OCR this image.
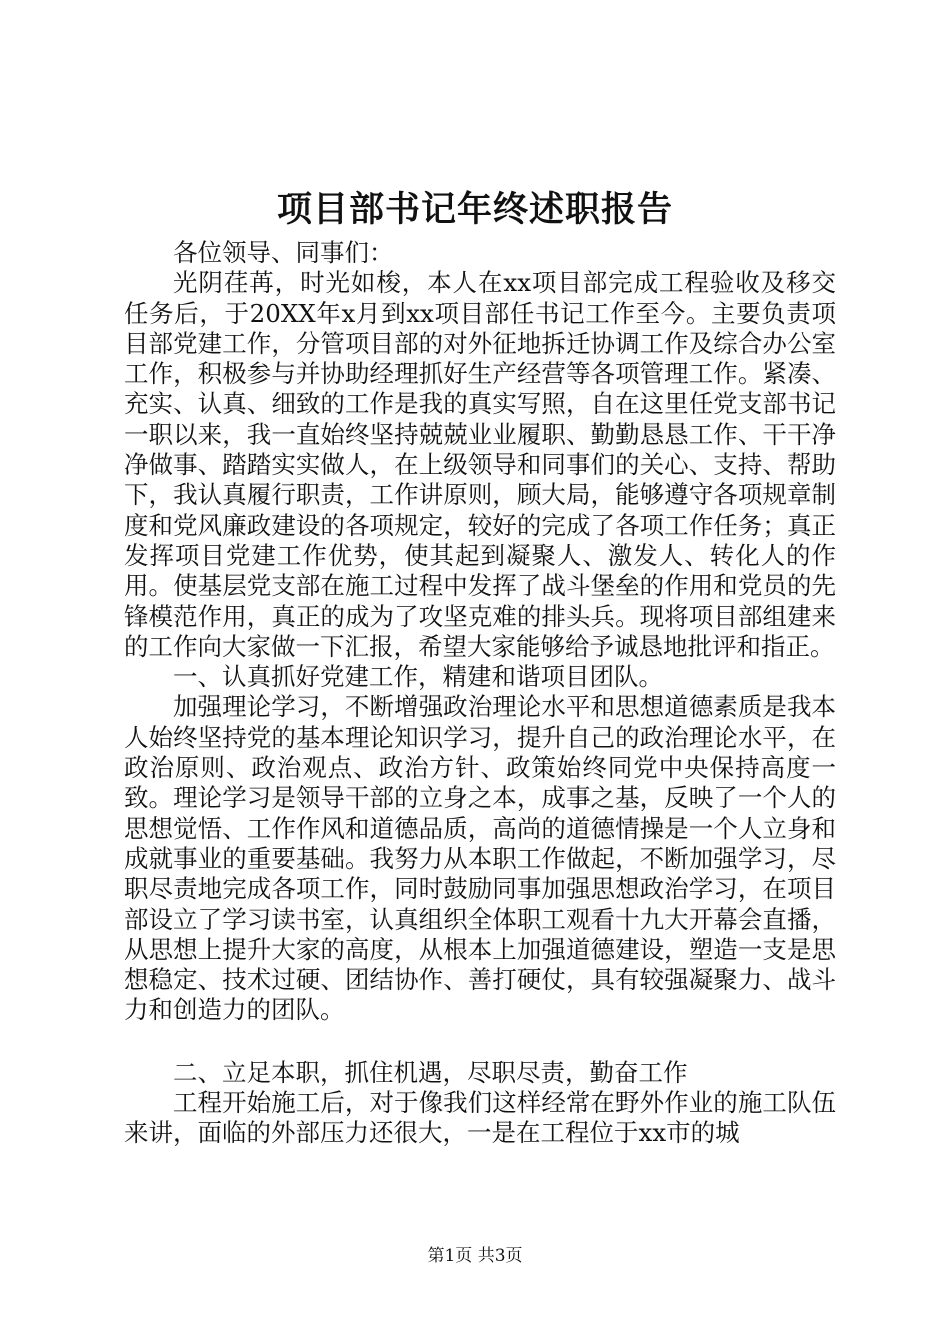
项目部书记年终述职报告

各位领导、同事们：

光阴荏苒，时光如梭，本人在xx项目部完成工程验收及移交任务后，于20XX年x月到xx项目部任书记工作至今。主要负责项目部党建工作，分管项目部的对外征地拆迁协调工作及综合办公室工作，积极参与并协助经理抓好生产经营等各项管理工作。紧凑、充实、认真、细致的工作是我的真实写照，自在这里任党支部书记一职以来，我一直始终坚持兢兢业业履职、勤勤恳恳工作、干干净净做事、踏踏实实做人，在上级领导和同事们的关心、支持、帮助下，我认真履行职责，工作讲原则，顾大局，能够遵守各项规章制度和党风廉政建设的各项规定，较好的完成了各项工作任务；真正发挥项目党建工作优势，使其起到凝聚人、激发人、转化人的作用。使基层党支部在施工过程中发挥了战斗堡垒的作用和党员的先锋模范作用，真正的成为了攻坚克难的排头兵。现将项目部组建来的工作向大家做一下汇报，希望大家能够给予诚恳地批评和指正。

一、认真抓好党建工作，精建和谐项目团队。

加强理论学习，不断增强政治理论水平和思想道德素质是我本人始终坚持党的基本理论知识学习，提升自己的政治理论水平，在政治原则、政治观点、政治方针、政策始终同党中央保持高度一致。理论学习是领导干部的立身之本，成事之基，反映了一个人的思想觉悟、工作作风和道德品质，高尚的道德情操是一个人立身和成就事业的重要基础。我努力从本职工作做起，不断加强学习，尽职尽责地完成各项工作，同时鼓励同事加强思想政治学习，在项目部设立了学习读书室，认真组织全体职工观看十九大开幕会直播，从思想上提升大家的高度，从根本上加强道德建设，塑造一支是思想稳定、技术过硬、团结协作、善打硬仗，具有较强凝聚力、战斗力和创造力的团队。

二、立足本职，抓住机遇，尽职尽责，勤奋工作

工程开始施工后，对于像我们这样经常在野外作业的施工队伍来讲，面临的外部压力还很大，一是在工程位于xx市的城

第1页 共3页
